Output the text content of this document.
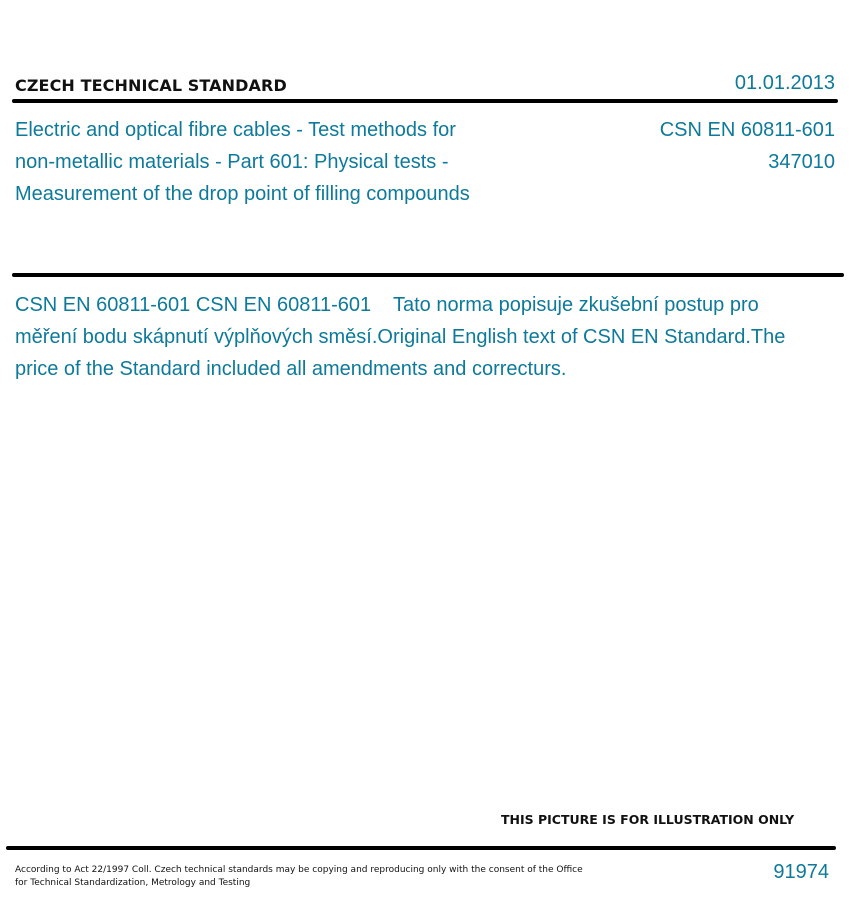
CZECH TECHNICAL STANDARD	01.01.2013
Electric and optical fibre cables - Test methods for
non-metallic materials - Part 601: Physical tests -
Measurement of the drop point of filling compounds
CSN EN 60811-601
347010
CSN EN 60811-601 CSN EN 60811-601    Tato norma popisuje zkušební postup pro měření bodu skápnutí výplňových směsí.Original English text of CSN EN Standard.The price of the Standard included all amendments and correcturs.
THIS PICTURE IS FOR ILLUSTRATION ONLY
According to Act 22/1997 Coll. Czech technical standards may be copying and reproducing only with the consent of the Office
for Technical Standardization, Metrology and Testing	91974
